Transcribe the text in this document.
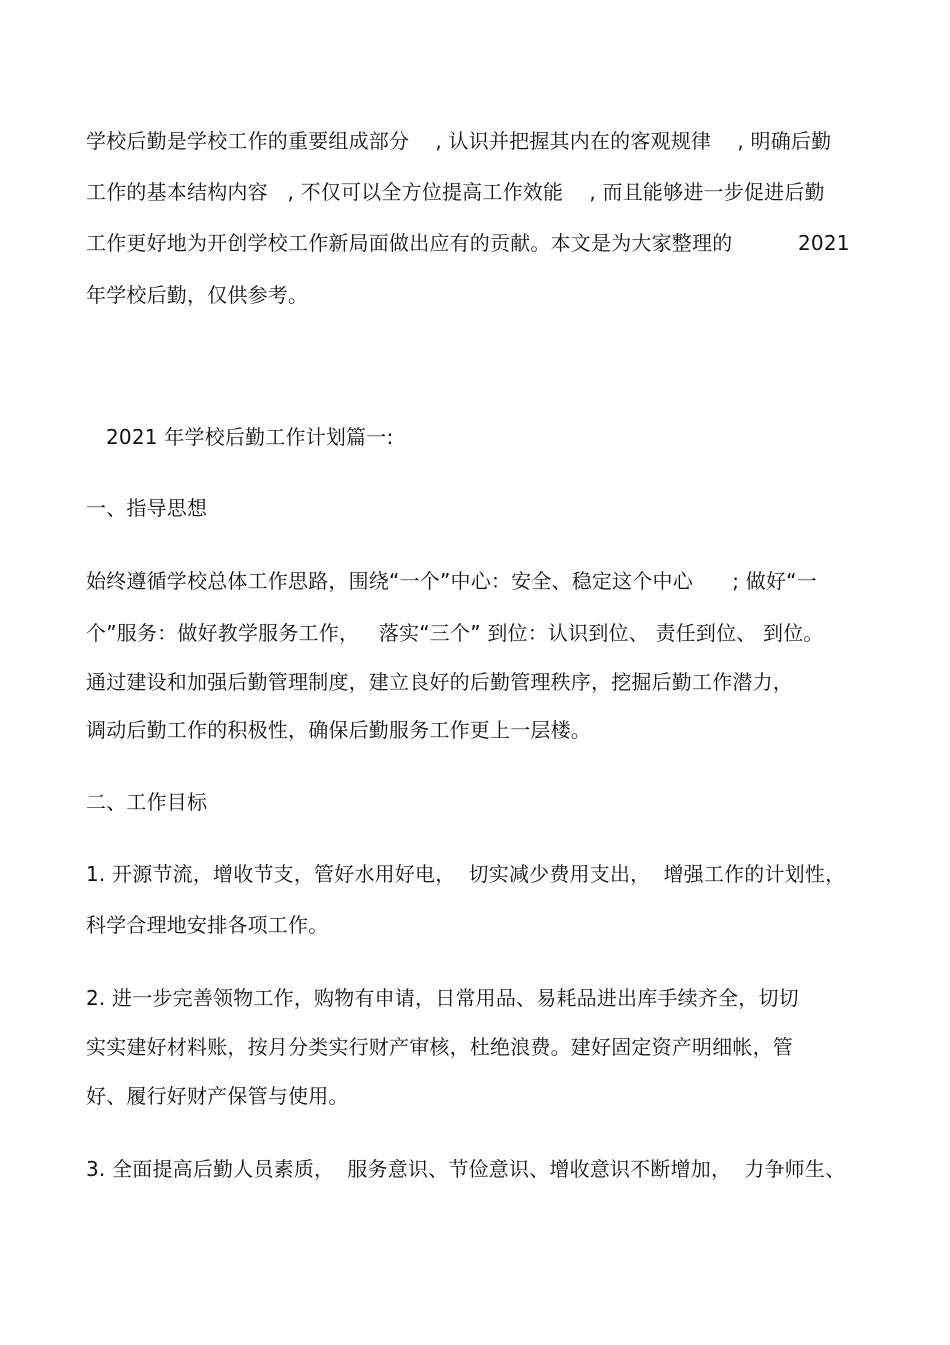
学校后勤是学校工作的重要组成部分    , 认识并把握其内在的客观规律    , 明确后勤
工作的基本结构内容   , 不仅可以全方位提高工作效能    , 而且能够进一步促进后勤
工作更好地为开创学校工作新局面做出应有的贡献。本文是为大家整理的          2021
年学校后勤，仅供参考。
2021 年学校后勤工作计划篇一:
一、指导思想
始终遵循学校总体工作思路，围绕“一个”中心：安全、稳定这个中心      ; 做好“一
个”服务：做好教学服务工作，   落实“三个” 到位：认识到位、 责任到位、 到位。
通过建设和加强后勤管理制度，建立良好的后勤管理秩序，挖掘后勤工作潜力，
调动后勤工作的积极性，确保后勤服务工作更上一层楼。
二、工作目标
1. 开源节流，增收节支，管好水用好电，  切实减少费用支出，  增强工作的计划性，
科学合理地安排各项工作。
2. 进一步完善领物工作，购物有申请，日常用品、易耗品进出库手续齐全，切切
实实建好材料账，按月分类实行财产审核，杜绝浪费。建好固定资产明细帐，管
好、履行好财产保管与使用。
3. 全面提高后勤人员素质，  服务意识、节俭意识、增收意识不断增加，  力争师生、
